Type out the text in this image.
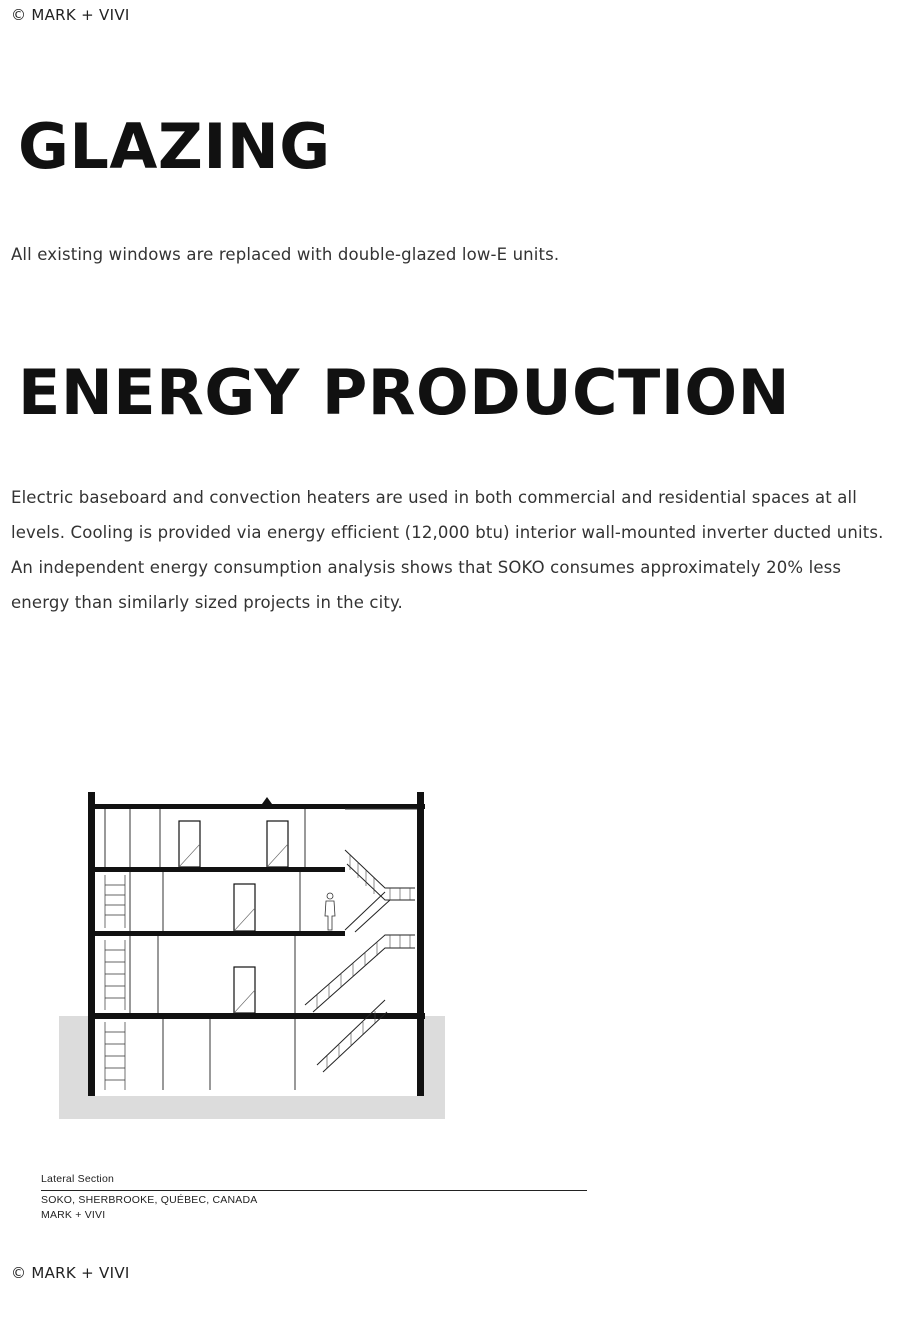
© MARK + VIVI
GLAZING

All existing windows are replaced with double-glazed low-E units.

ENERGY PRODUCTION

Electric baseboard and convection heaters are used in both commercial and residential spaces at all levels. Cooling is provided via energy efficient (12,000 btu) interior wall-mounted inverter ducted units. An independent energy consumption analysis shows that SOKO consumes approximately 20% less energy than similarly sized projects in the city.

Lateral Section
SOKO, SHERBROOKE, QUÉBEC, CANADA
MARK + VIVI
© MARK + VIVI
